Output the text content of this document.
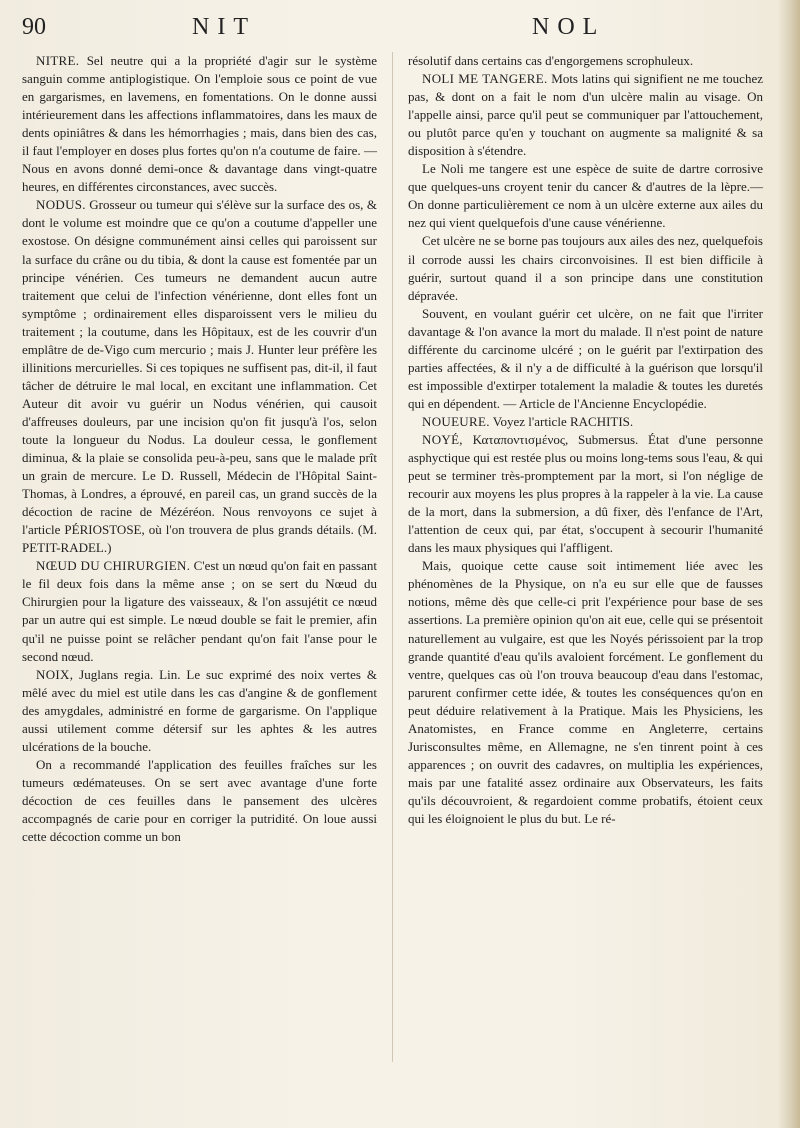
90	NIT	NOL

NITRE. Sel neutre qui a la propriété d'agir sur le système sanguin comme antiplogistique. On l'emploie sous ce point de vue en gargarismes, en lavemens, en fomentations. On le donne aussi intérieurement dans les affections inflammatoires, dans les maux de dents opiniâtres & dans les hémorrhagies ; mais, dans bien des cas, il faut l'employer en doses plus fortes qu'on n'a coutume de faire. — Nous en avons donné demi-once & davantage dans vingt-quatre heures, en différentes circonstances, avec succès.

NODUS. Grosseur ou tumeur qui s'élève sur la surface des os, & dont le volume est moindre que ce qu'on a coutume d'appeller une exostose. On désigne communément ainsi celles qui paroissent sur la surface du crâne ou du tibia, & dont la cause est fomentée par un principe vénérien. Ces tumeurs ne demandent aucun autre traitement que celui de l'infection vénérienne, dont elles font un symptôme ; ordinairement elles disparoissent vers le milieu du traitement ; la coutume, dans les Hôpitaux, est de les couvrir d'un emplâtre de de-Vigo cum mercurio ; mais J. Hunter leur préfère les illinitions mercurielles. Si ces topiques ne suffisent pas, dit-il, il faut tâcher de détruire le mal local, en excitant une inflammation. Cet Auteur dit avoir vu guérir un Nodus vénérien, qui causoit d'affreuses douleurs, par une incision qu'on fit jusqu'à l'os, selon toute la longueur du Nodus. La douleur cessa, le gonflement diminua, & la plaie se consolida peu-à-peu, sans que le malade prît un grain de mercure. Le D. Russell, Médecin de l'Hôpital Saint-Thomas, à Londres, a éprouvé, en pareil cas, un grand succès de la décoction de racine de Mézéréon. Nous renvoyons ce sujet à l'article PÉRIOSTOSE, où l'on trouvera de plus grands détails. (M. PETIT-RADEL.)

NŒUD DU CHIRURGIEN. C'est un nœud qu'on fait en passant le fil deux fois dans la même anse ; on se sert du Nœud du Chirurgien pour la ligature des vaisseaux, & l'on assujétit ce nœud par un autre qui est simple. Le nœud double se fait le premier, afin qu'il ne puisse point se relâcher pendant qu'on fait l'anse pour le second nœud.

NOIX, Juglans regia. Lin. Le suc exprimé des noix vertes & mêlé avec du miel est utile dans les cas d'angine & de gonflement des amygdales, administré en forme de gargarisme. On l'applique aussi utilement comme détersif sur les aphtes & les autres ulcérations de la bouche.

On a recommandé l'application des feuilles fraîches sur les tumeurs œdémateuses. On se sert avec avantage d'une forte décoction de ces feuilles dans le pansement des ulcères accompagnés de carie pour en corriger la putridité. On loue aussi cette décoction comme un bon

résolutif dans certains cas d'engorgemens scrophuleux.

NOLI ME TANGERE. Mots latins qui signifient ne me touchez pas, & dont on a fait le nom d'un ulcère malin au visage. On l'appelle ainsi, parce qu'il peut se communiquer par l'attouchement, ou plutôt parce qu'en y touchant on augmente sa malignité & sa disposition à s'étendre.

Le Noli me tangere est une espèce de suite de dartre corrosive que quelques-uns croyent tenir du cancer & d'autres de la lèpre.—On donne particulièrement ce nom à un ulcère externe aux ailes du nez qui vient quelquefois d'une cause vénérienne.

Cet ulcère ne se borne pas toujours aux ailes des nez, quelquefois il corrode aussi les chairs circonvoisines. Il est bien difficile à guérir, surtout quand il a son principe dans une constitution dépravée.

Souvent, en voulant guérir cet ulcère, on ne fait que l'irriter davantage & l'on avance la mort du malade. Il n'est point de nature différente du carcinome ulcéré ; on le guérit par l'extirpation des parties affectées, & il n'y a de difficulté à la guérison que lorsqu'il est impossible d'extirper totalement la maladie & toutes les duretés qui en dépendent. — Article de l'Ancienne Encyclopédie.

NOUEURE. Voyez l'article RACHITIS.

NOYÉ, Καταποντισμένος, Submersus. État d'une personne asphyctique qui est restée plus ou moins long-tems sous l'eau, & qui peut se terminer très-promptement par la mort, si l'on néglige de recourir aux moyens les plus propres à la rappeler à la vie. La cause de la mort, dans la submersion, a dû fixer, dès l'enfance de l'Art, l'attention de ceux qui, par état, s'occupent à secourir l'humanité dans les maux physiques qui l'affligent.

Mais, quoique cette cause soit intimement liée avec les phénomènes de la Physique, on n'a eu sur elle que de fausses notions, même dès que celle-ci prit l'expérience pour base de ses assertions. La première opinion qu'on ait eue, celle qui se présentoit naturellement au vulgaire, est que les Noyés périssoient par la trop grande quantité d'eau qu'ils avaloient forcément. Le gonflement du ventre, quelques cas où l'on trouva beaucoup d'eau dans l'estomac, parurent confirmer cette idée, & toutes les conséquences qu'on en peut déduire relativement à la Pratique. Mais les Physiciens, les Anatomistes, en France comme en Angleterre, certains Jurisconsultes même, en Allemagne, ne s'en tinrent point à ces apparences ; on ouvrit des cadavres, on multiplia les expériences, mais par une fatalité assez ordinaire aux Observateurs, les faits qu'ils découvroient, & regardoient comme probatifs, étoient ceux qui les éloignoient le plus du but. Le ré-
